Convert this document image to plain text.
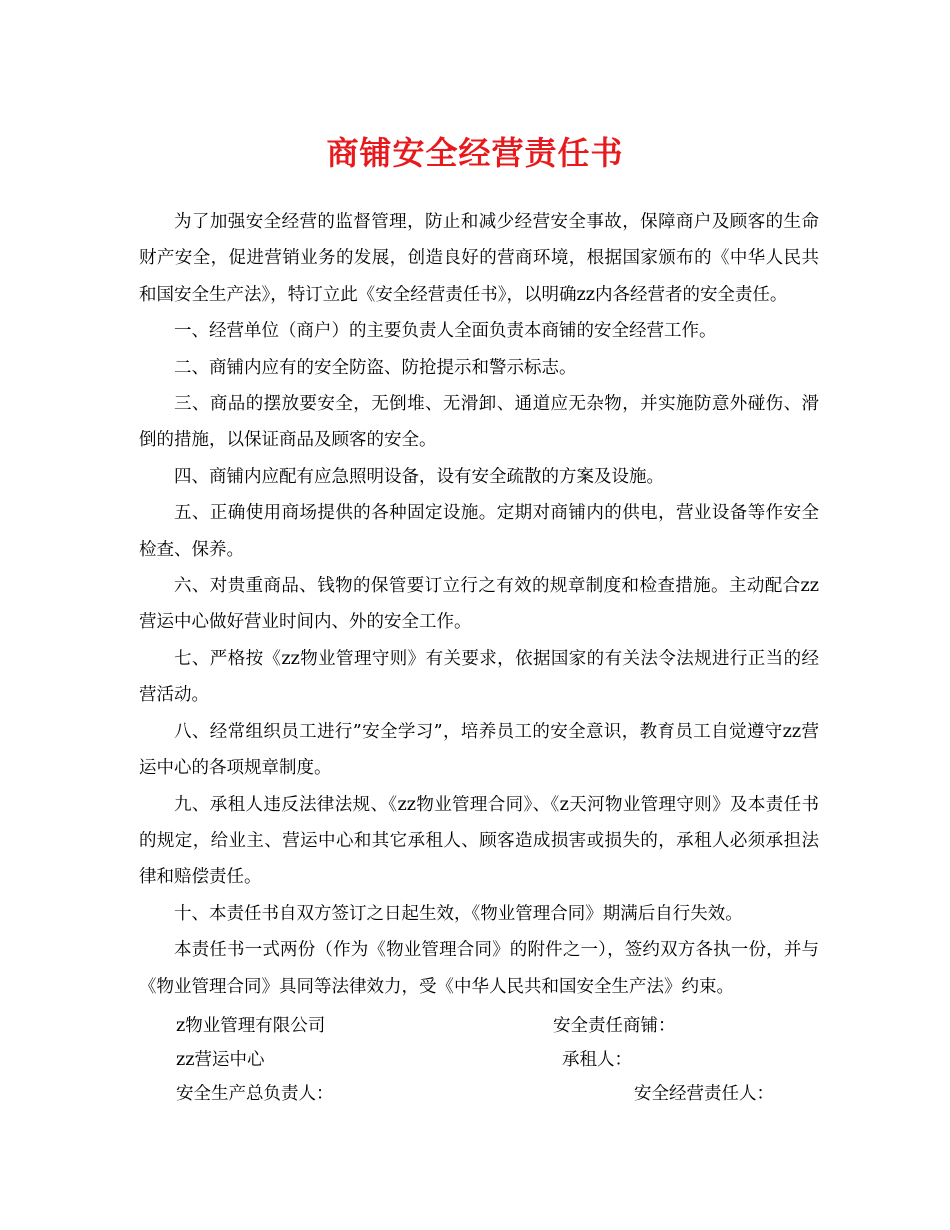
商铺安全经营责任书

为了加强安全经营的监督管理，防止和减少经营安全事故，保障商户及顾客的生命财产安全，促进营销业务的发展，创造良好的营商环境，根据国家颁布的《中华人民共和国安全生产法》，特订立此《安全经营责任书》，以明确zz内各经营者的安全责任。

一、经营单位（商户）的主要负责人全面负责本商铺的安全经营工作。

二、商铺内应有的安全防盗、防抢提示和警示标志。

三、商品的摆放要安全，无倒堆、无滑卸、通道应无杂物，并实施防意外碰伤、滑倒的措施，以保证商品及顾客的安全。

四、商铺内应配有应急照明设备，设有安全疏散的方案及设施。

五、正确使用商场提供的各种固定设施。定期对商铺内的供电，营业设备等作安全检查、保养。

六、对贵重商品、钱物的保管要订立行之有效的规章制度和检查措施。主动配合zz营运中心做好营业时间内、外的安全工作。

七、严格按《zz物业管理守则》有关要求，依据国家的有关法令法规进行正当的经营活动。

八、经常组织员工进行”安全学习”，培养员工的安全意识，教育员工自觉遵守zz营运中心的各项规章制度。

九、承租人违反法律法规、《zz物业管理合同》、《z天河物业管理守则》及本责任书的规定，给业主、营运中心和其它承租人、顾客造成损害或损失的，承租人必须承担法律和赔偿责任。

十、本责任书自双方签订之日起生效，《物业管理合同》期满后自行失效。

本责任书一式两份（作为《物业管理合同》的附件之一），签约双方各执一份，并与《物业管理合同》具同等法律效力，受《中华人民共和国安全生产法》约束。

z物业管理有限公司	安全责任商铺：
zz营运中心	承租人：
安全生产总负责人：	安全经营责任人：
